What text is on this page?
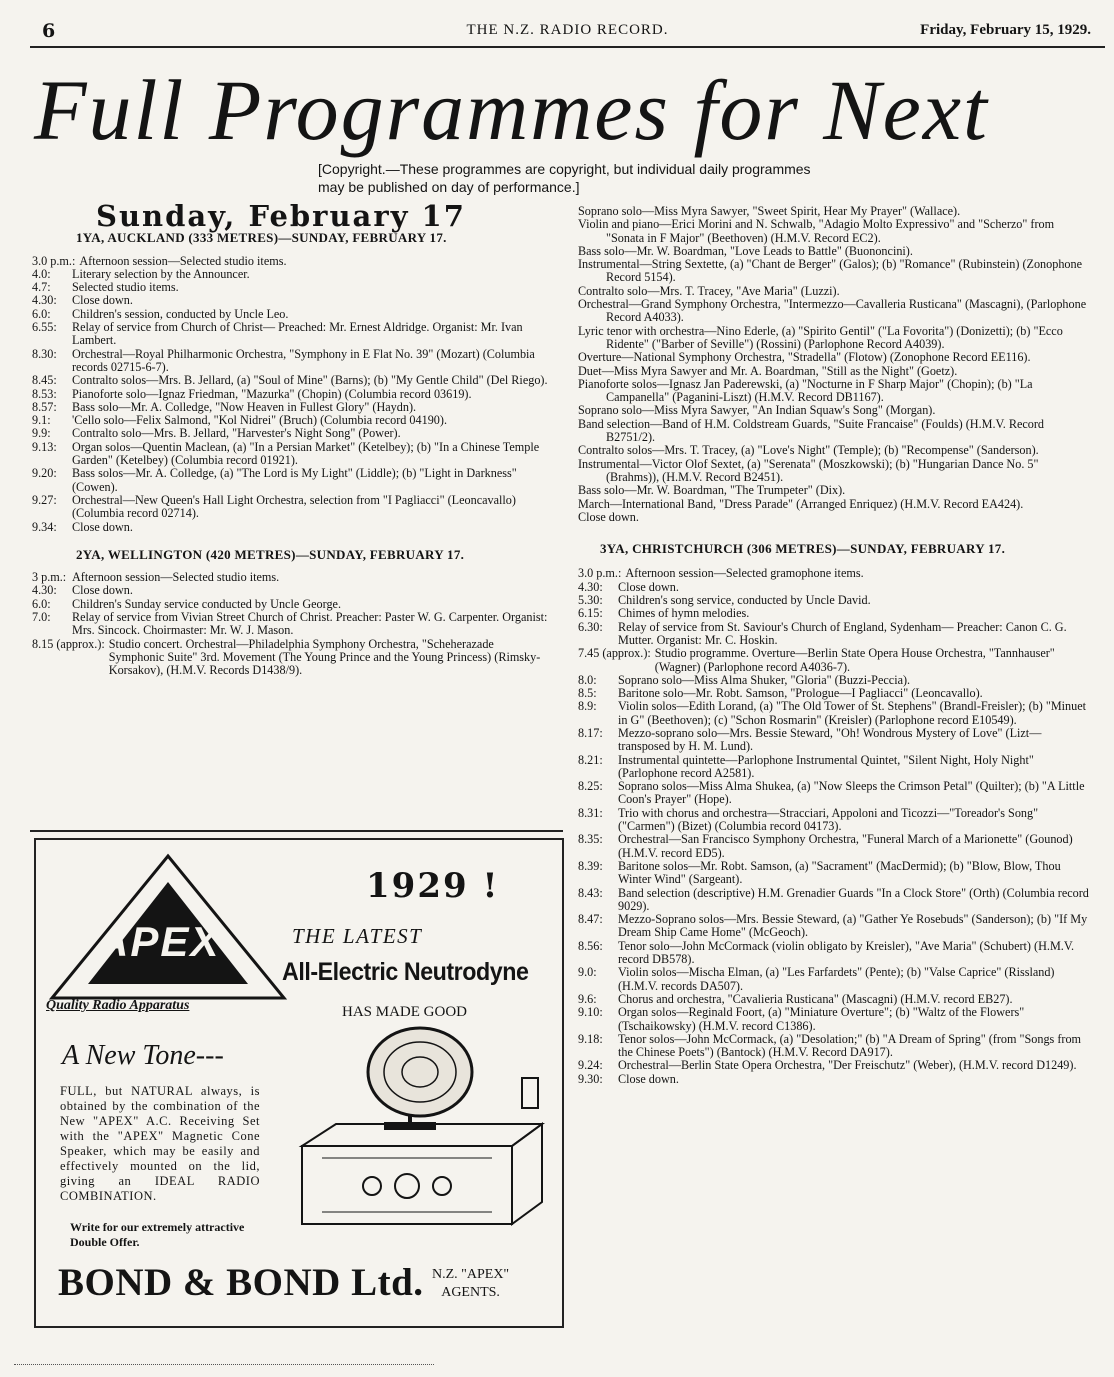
6	THE N.Z. RADIO RECORD.	Friday, February 15, 1929.
Full Programmes for Next
[Copyright.—These programmes are copyright, but individual daily programmes may be published on day of performance.]
Sunday, February 17
1YA, AUCKLAND (333 METRES)—SUNDAY, FEBRUARY 17.
3.0 p.m.: Afternoon session—Selected studio items.
4.0:	Literary selection by the Announcer.
4.7:	Selected studio items.
4.30:	Close down.
6.0:	Children's session, conducted by Uncle Leo.
6.55:	Relay of service from Church of Christ— Preached: Mr. Ernest Aldridge. Organist: Mr. Ivan Lambert.
8.30:	Orchestral—Royal Philharmonic Orchestra, "Symphony in E Flat No. 39" (Mozart) (Columbia records 02715-6-7).
8.45:	Contralto solos—Mrs. B. Jellard, (a) "Soul of Mine" (Barns); (b) "My Gentle Child" (Del Riego).
8.53:	Pianoforte solo—Ignaz Friedman, "Mazurka" (Chopin) (Columbia record 03619).
8.57:	Bass solo—Mr. A. Colledge, "Now Heaven in Fullest Glory" (Haydn).
9.1:	'Cello solo—Felix Salmond, "Kol Nidrei" (Bruch) (Columbia record 04190).
9.9:	Contralto solo—Mrs. B. Jellard, "Harvester's Night Song" (Power).
9.13:	Organ solos—Quentin Maclean, (a) "In a Persian Market" (Ketelbey); (b) "In a Chinese Temple Garden" (Ketelbey) (Columbia record 01921).
9.20:	Bass solos—Mr. A. Colledge, (a) "The Lord is My Light" (Liddle); (b) "Light in Darkness" (Cowen).
9.27:	Orchestral—New Queen's Hall Light Orchestra, selection from "I Pagliacci" (Leoncavallo) (Columbia record 02714).
9.34:	Close down.
2YA, WELLINGTON (420 METRES)—SUNDAY, FEBRUARY 17.
3 p.m.: Afternoon session—Selected studio items.
4.30:	Close down.
6.0:	Children's Sunday service conducted by Uncle George.
7.0:	Relay of service from Vivian Street Church of Christ. Preacher: Paster W. G. Carpenter. Organist: Mrs. Sincock. Choirmaster: Mr. W. J. Mason.
8.15 (approx.): Studio concert. Orchestral—Philadelphia Symphony Orchestra, "Scheherazade Symphonic Suite" 3rd. Movement (The Young Prince and the Young Princess) (Rimsky-Korsakov), (H.M.V. Records D1438/9).
Soprano solo—Miss Myra Sawyer, "Sweet Spirit, Hear My Prayer" (Wallace).
Violin and piano—Erici Morini and N. Schwalb, "Adagio Molto Expressivo" and "Scherzo" from "Sonata in F Major" (Beethoven) (H.M.V. Record EC2).
Bass solo—Mr. W. Boardman, "Love Leads to Battle" (Buononcini).
Instrumental—String Sextette, (a) "Chant de Berger" (Galos); (b) "Romance" (Rubinstein) (Zonophone Record 5154).
Contralto solo—Mrs. T. Tracey, "Ave Maria" (Luzzi).
Orchestral—Grand Symphony Orchestra, "Intermezzo—Cavalleria Rusticana" (Mascagni), (Parlophone Record A4033).
Lyric tenor with orchestra—Nino Ederle, (a) "Spirito Gentil" ("La Fovorita") (Donizetti); (b) "Ecco Ridente" ("Barber of Seville") (Rossini) (Parlophone Record A4039).
Overture—National Symphony Orchestra, "Stradella" (Flotow) (Zonophone Record EE116).
Duet—Miss Myra Sawyer and Mr. A. Boardman, "Still as the Night" (Goetz).
Pianoforte solos—Ignasz Jan Paderewski, (a) "Nocturne in F Sharp Major" (Chopin); (b) "La Campanella" (Paganini-Liszt) (H.M.V. Record DB1167).
Soprano solo—Miss Myra Sawyer, "An Indian Squaw's Song" (Morgan).
Band selection—Band of H.M. Coldstream Guards, "Suite Francaise" (Foulds) (H.M.V. Record B2751/2).
Contralto solos—Mrs. T. Tracey, (a) "Love's Night" (Temple); (b) "Recompense" (Sanderson).
Instrumental—Victor Olof Sextet, (a) "Serenata" (Moszkowski); (b) "Hungarian Dance No. 5" (Brahms)), (H.M.V. Record B2451).
Bass solo—Mr. W. Boardman, "The Trumpeter" (Dix).
March—International Band, "Dress Parade" (Arranged Enriquez) (H.M.V. Record EA424).
Close down.
3YA, CHRISTCHURCH (306 METRES)—SUNDAY, FEBRUARY 17.
3.0 p.m.: Afternoon session—Selected gramophone items.
4.30:	Close down.
5.30:	Children's song service, conducted by Uncle David.
6.15:	Chimes of hymn melodies.
6.30:	Relay of service from St. Saviour's Church of England, Sydenham— Preacher: Canon C. G. Mutter. Organist: Mr. C. Hoskin.
7.45 (approx.): Studio programme. Overture—Berlin State Opera House Orchestra, "Tannhauser" (Wagner) (Parlophone record A4036-7).
8.0:	Soprano solo—Miss Alma Shuker, "Gloria" (Buzzi-Peccia).
8.5:	Baritone solo—Mr. Robt. Samson, "Prologue—I Pagliacci" (Leoncavallo).
8.9:	Violin solos—Edith Lorand, (a) "The Old Tower of St. Stephens" (Brandl-Freisler); (b) "Minuet in G" (Beethoven); (c) "Schon Rosmarin" (Kreisler) (Parlophone record E10549).
8.17:	Mezzo-soprano solo—Mrs. Bessie Steward, "Oh! Wondrous Mystery of Love" (Lizt—transposed by H. M. Lund).
8.21:	Instrumental quintette—Parlophone Instrumental Quintet, "Silent Night, Holy Night" (Parlophone record A2581).
8.25:	Soprano solos—Miss Alma Shukea, (a) "Now Sleeps the Crimson Petal" (Quilter); (b) "A Little Coon's Prayer" (Hope).
8.31:	Trio with chorus and orchestra—Stracciari, Appoloni and Ticozzi—"Toreador's Song" ("Carmen") (Bizet) (Columbia record 04173).
8.35:	Orchestral—San Francisco Symphony Orchestra, "Funeral March of a Marionette" (Gounod) (H.M.V. record ED5).
8.39:	Baritone solos—Mr. Robt. Samson, (a) "Sacrament" (MacDermid); (b) "Blow, Blow, Thou Winter Wind" (Sargeant).
8.43:	Band selection (descriptive) H.M. Grenadier Guards "In a Clock Store" (Orth) (Columbia record 9029).
8.47:	Mezzo-Soprano solos—Mrs. Bessie Steward, (a) "Gather Ye Rosebuds" (Sanderson); (b) "If My Dream Ship Came Home" (McGeoch).
8.56:	Tenor solo—John McCormack (violin obligato by Kreisler), "Ave Maria" (Schubert) (H.M.V. record DB578).
9.0:	Violin solos—Mischa Elman, (a) "Les Farfardets" (Pente); (b) "Valse Caprice" (Rissland) (H.M.V. records DA507).
9.6:	Chorus and orchestra, "Cavalieria Rusticana" (Mascagni) (H.M.V. record EB27).
9.10:	Organ solos—Reginald Foort, (a) "Miniature Overture"; (b) "Waltz of the Flowers" (Tschaikowsky) (H.M.V. record C1386).
9.18:	Tenor solos—John McCormack, (a) "Desolation;" (b) "A Dream of Spring" (from "Songs from the Chinese Poets") (Bantock) (H.M.V. Record DA917).
9.24:	Orchestral—Berlin State Opera Orchestra, "Der Freischutz" (Weber), (H.M.V. record D1249).
9.30:	Close down.
APEX
Quality Radio Apparatus
1929 !
THE LATEST
All-Electric Neutrodyne
HAS MADE GOOD
A New Tone---
FULL, but NATURAL always, is obtained by the combination of the New "APEX" A.C. Receiving Set with the "APEX" Magnetic Cone Speaker, which may be easily and effectively mounted on the lid, giving an IDEAL RADIO COMBINATION.
Write for our extremely attractive Double Offer.
BOND & BOND Ltd. N.Z. "APEX"
AGENTS.
